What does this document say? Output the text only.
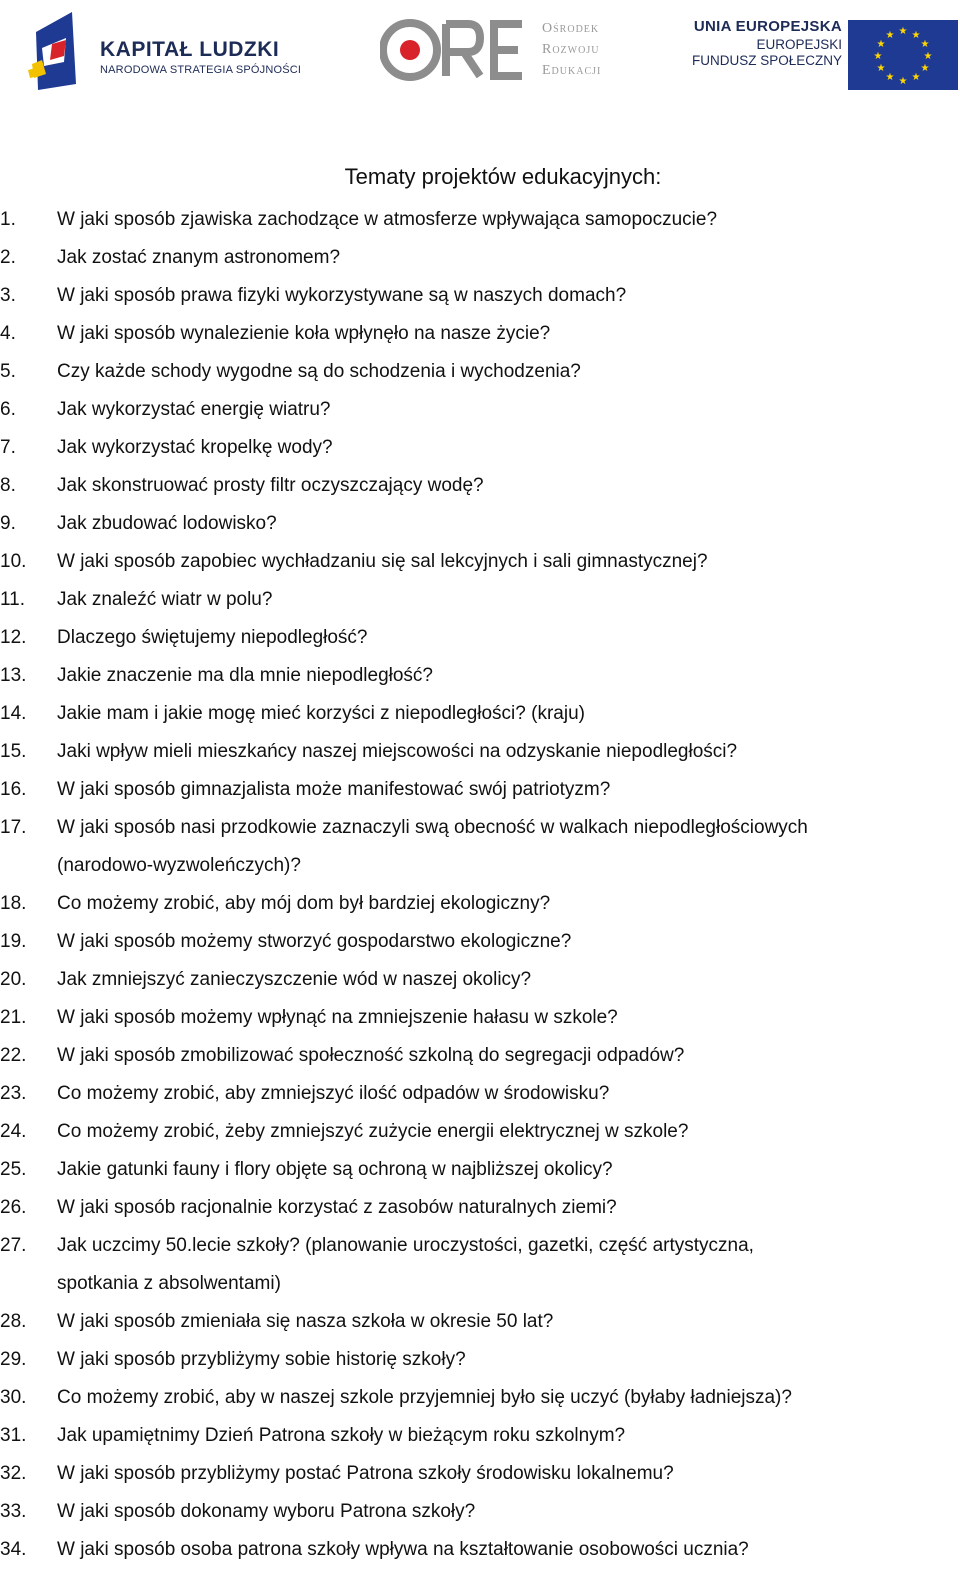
KAPITAŁ LUDZKI
NARODOWA STRATEGIA SPÓJNOŚCI
Ośrodek
Rozwoju
Edukacji
UNIA EUROPEJSKA
EUROPEJSKI
FUNDUSZ SPOŁECZNY
★ ★
★
★
★
★
★
★
★
★
★
★
Tematy projektów edukacyjnych:
1.	W jaki sposób zjawiska zachodzące w atmosferze wpływająca samopoczucie?
2.	Jak zostać znanym astronomem?
3.	W jaki sposób prawa fizyki wykorzystywane są w naszych domach?
4.	W jaki sposób wynalezienie koła wpłynęło na nasze życie?
5.	Czy każde schody wygodne są do schodzenia i wychodzenia?
6.	Jak wykorzystać energię wiatru?
7.	Jak wykorzystać kropelkę wody?
8.	Jak skonstruować prosty filtr oczyszczający wodę?
9.	Jak zbudować lodowisko?
10.	W jaki sposób zapobiec wychładzaniu się sal lekcyjnych i sali gimnastycznej?
11.	Jak znaleźć wiatr w polu?
12.	Dlaczego świętujemy niepodległość?
13.	Jakie znaczenie ma dla mnie niepodległość?
14.	Jakie mam i jakie mogę mieć korzyści z niepodległości? (kraju)
15.	Jaki wpływ mieli mieszkańcy naszej miejscowości na odzyskanie niepodległości?
16.	W jaki sposób gimnazjalista może manifestować swój patriotyzm?
17.	W jaki sposób nasi przodkowie zaznaczyli swą obecność w walkach niepodległościowych
(narodowo-wyzwoleńczych)?
18.	Co możemy zrobić, aby mój dom był bardziej ekologiczny?
19.	W jaki sposób możemy stworzyć gospodarstwo ekologiczne?
20.	Jak zmniejszyć zanieczyszczenie wód w naszej okolicy?
21.	W jaki sposób możemy wpłynąć na zmniejszenie hałasu w szkole?
22.	W jaki sposób zmobilizować społeczność szkolną do segregacji odpadów?
23.	Co możemy zrobić, aby zmniejszyć ilość odpadów w środowisku?
24.	Co możemy zrobić, żeby zmniejszyć zużycie energii elektrycznej w szkole?
25.	Jakie gatunki fauny i flory objęte są ochroną w najbliższej okolicy?
26.	W jaki sposób racjonalnie korzystać z zasobów naturalnych ziemi?
27.	Jak uczcimy 50.lecie szkoły? (planowanie uroczystości, gazetki, część artystyczna,
spotkania z absolwentami)
28.	W jaki sposób zmieniała się nasza szkoła w okresie 50 lat?
29.	W jaki sposób przybliżymy sobie historię szkoły?
30.	Co możemy zrobić, aby w naszej szkole przyjemniej było się uczyć (byłaby ładniejsza)?
31.	Jak upamiętnimy Dzień Patrona szkoły w bieżącym roku szkolnym?
32.	W jaki sposób przybliżymy postać Patrona szkoły środowisku lokalnemu?
33.	W jaki sposób dokonamy wyboru Patrona szkoły?
34.	W jaki sposób osoba patrona szkoły wpływa na kształtowanie osobowości ucznia?
